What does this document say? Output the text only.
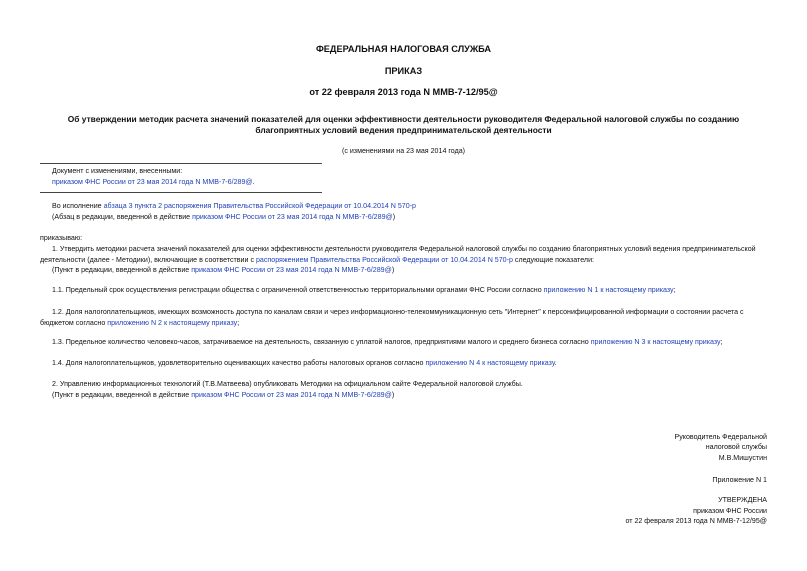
ФЕДЕРАЛЬНАЯ НАЛОГОВАЯ СЛУЖБА
ПРИКАЗ
от 22 февраля 2013 года N ММВ-7-12/95@
Об утверждении методик расчета значений показателей для оценки эффективности деятельности руководителя Федеральной налоговой службы по созданию
благоприятных условий ведения предпринимательской деятельности
(с изменениями на 23 мая 2014 года)
Документ с изменениями, внесенными:
приказом ФНС России от 23 мая 2014 года N ММВ-7-6/289@.
Во исполнение абзаца 3 пункта 2 распоряжения Правительства Российской Федерации от 10.04.2014 N 570-р
(Абзац в редакции, введенной в действие приказом ФНС России от 23 мая 2014 года N ММВ-7-6/289@)
приказываю:
1. Утвердить методики расчета значений показателей для оценки эффективности деятельности руководителя Федеральной налоговой службы по созданию благоприятных условий ведения предпринимательской
деятельности (далее - Методики), включающие в соответствии с распоряжением Правительства Российской Федерации от 10.04.2014 N 570-р следующие показатели:
(Пункт в редакции, введенной в действие приказом ФНС России от 23 мая 2014 года N ММВ-7-6/289@)
1.1. Предельный срок осуществления регистрации общества с ограниченной ответственностью территориальными органами ФНС России согласно приложению N 1 к настоящему приказу;
1.2. Доля налогоплательщиков, имеющих возможность доступа по каналам связи и через информационно-телекоммуникационную сеть "Интернет" к персонифицированной информации о состоянии расчета с
бюджетом согласно приложению N 2 к настоящему приказу;
1.3. Предельное количество человеко-часов, затрачиваемое на деятельность, связанную с уплатой налогов, предприятиями малого и среднего бизнеса согласно приложению N 3 к настоящему приказу;
1.4. Доля налогоплательщиков, удовлетворительно оценивающих качество работы налоговых органов согласно приложению N 4 к настоящему приказу.
2. Управлению информационных технологий (Т.В.Матвеева) опубликовать Методики на официальном сайте Федеральной налоговой службы.
(Пункт в редакции, введенной в действие приказом ФНС России от 23 мая 2014 года N ММВ-7-6/289@)
Руководитель Федеральной
налоговой службы
М.В.Мишустин
Приложение N 1
УТВЕРЖДЕНА
приказом ФНС России
от 22 февраля 2013 года N ММВ-7-12/95@
